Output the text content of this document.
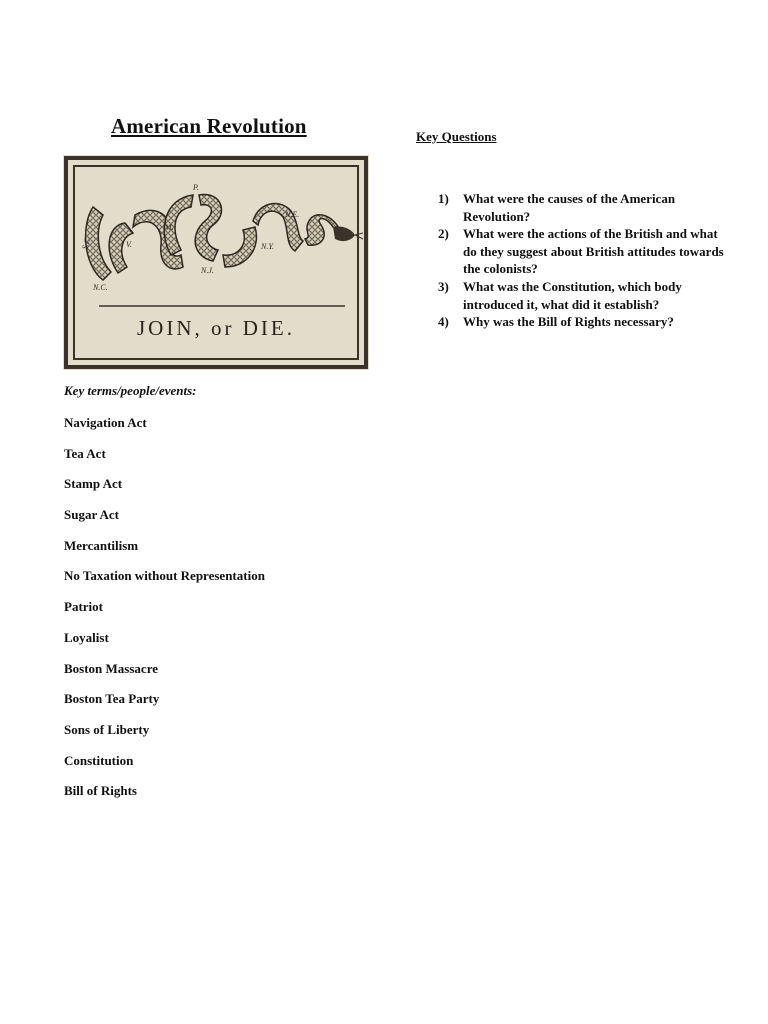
American Revolution
S.C.
N.C.
V.
M.
P.
N.J.
N.Y.
N.E.
JOIN, or DIE.
Key Questions
1) What were the causes of the American Revolution?
2) What were the actions of the British and what do they suggest about British attitudes towards the colonists?
3) What was the Constitution, which body introduced it, what did it establish?
4) Why was the Bill of Rights necessary?
Key terms/people/events:
Navigation Act
Tea Act
Stamp Act
Sugar Act
Mercantilism
No Taxation without Representation
Patriot
Loyalist
Boston Massacre
Boston Tea Party
Sons of Liberty
Constitution
Bill of Rights
